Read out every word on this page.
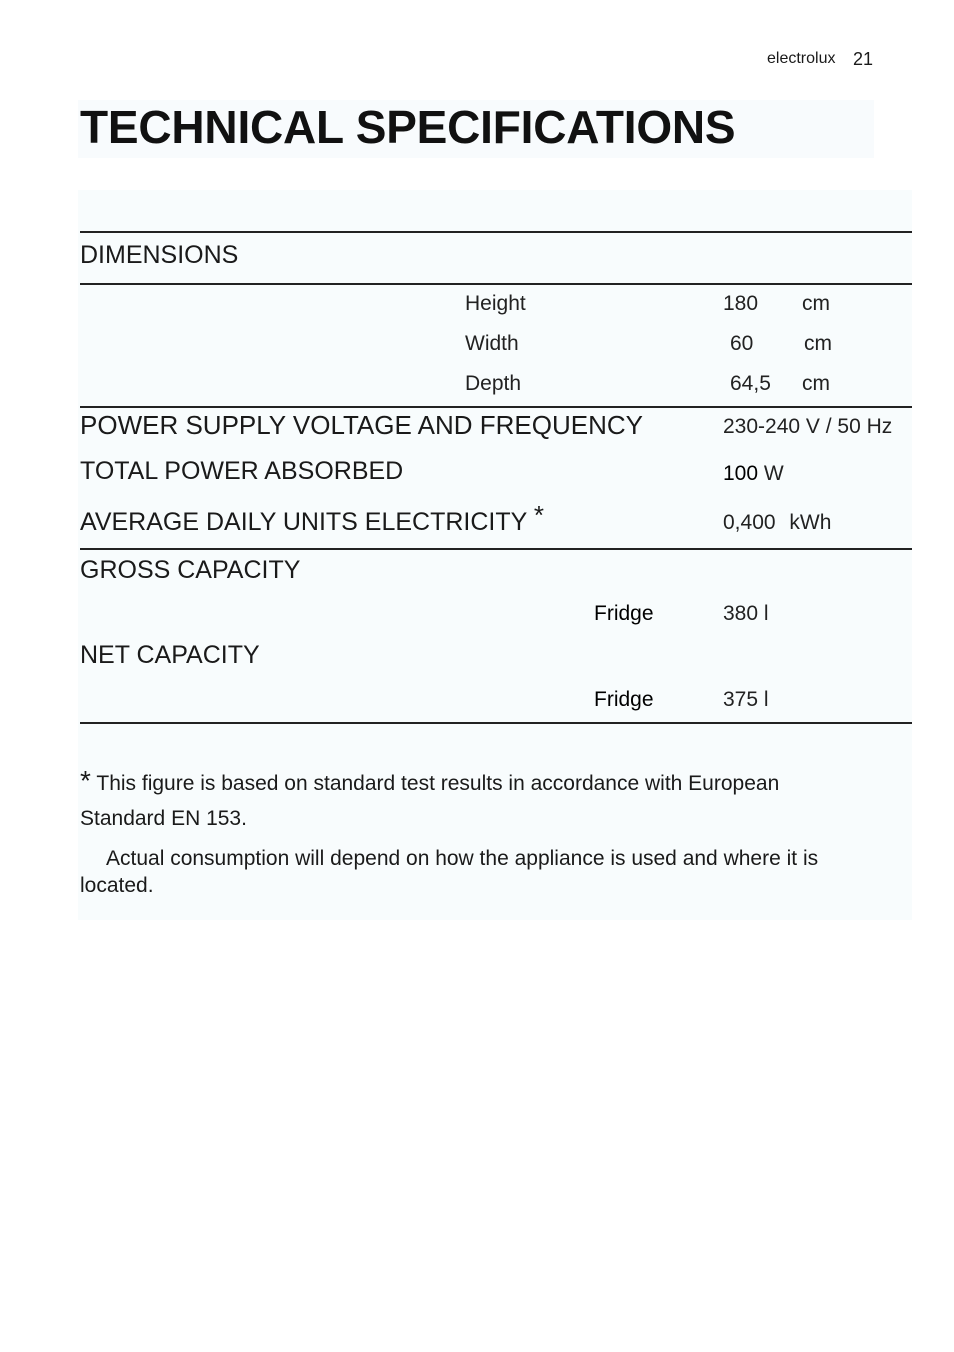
electrolux 21
TECHNICAL SPECIFICATIONS
DIMENSIONS
Height	180 cm
Width	60 cm
Depth	64,5 cm
POWER SUPPLY VOLTAGE AND FREQUENCY	230-240 V / 50 Hz
TOTAL POWER ABSORBED	100 W
AVERAGE DAILY UNITS ELECTRICITY *	0,400 kWh
GROSS CAPACITY
Fridge	380 l
NET CAPACITY
Fridge	375 l
* This figure is based on standard test results in accordance with European
Standard EN 153.
Actual consumption will depend on how the appliance is used and where it is
located.
